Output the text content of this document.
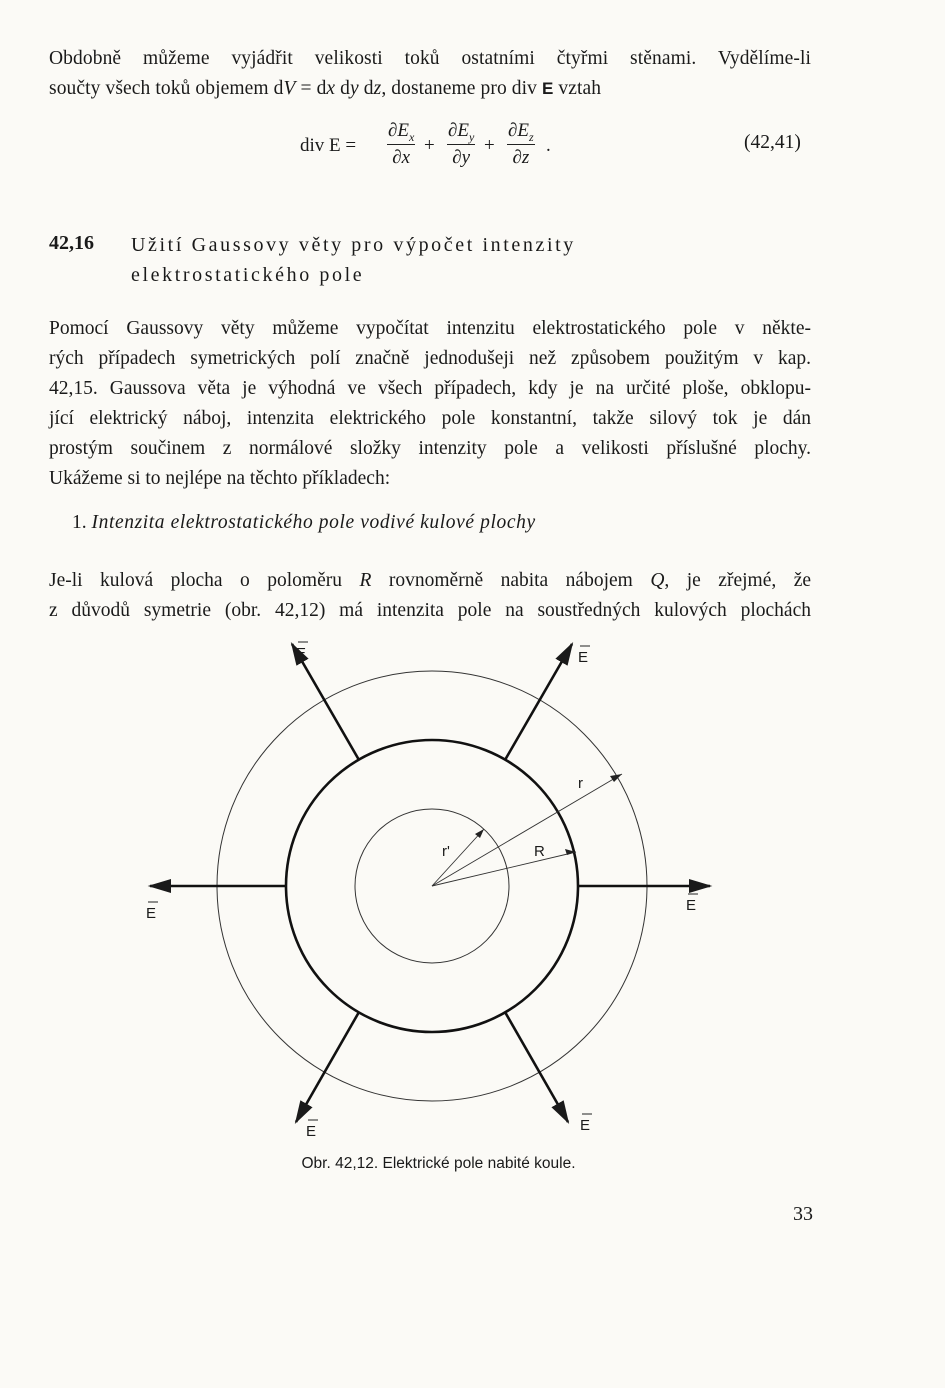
Obdobně můžeme vyjádřit velikosti toků ostatními čtyřmi stěnami. Vydělíme-li
součty všech toků objemem dV = dx dy dz, dostaneme pro div E vztah
div E =
$\partial E_x$
∂x
+
$\partial E_y$
∂y
+
$\partial E_z$
∂z
.	(42,41)
42,16 Užití Gaussovy věty pro výpočet intenzity
elektrostatického pole
Pomocí Gaussovy věty můžeme vypočítat intenzitu elektrostatického pole v někte-
rých případech symetrických polí značně jednodušeji než způsobem použitým v kap.
42,15. Gaussova věta je výhodná ve všech případech, kdy je na určité ploše, obklopu-
jící elektrický náboj, intenzita elektrického pole konstantní, takže silový tok je dán
prostým součinem z normálové složky intenzity pole a velikosti příslušné plochy.
Ukážeme si to nejlépe na těchto příkladech:
1. Intenzita elektrostatického pole vodivé kulové plochy
Je-li kulová plocha o poloměru R rovnoměrně nabita nábojem Q, je zřejmé, že
z důvodů symetrie (obr. 42,12) má intenzita pole na soustředných kulových plochách
E	E
E
E
E	E
r
r'	R
Obr. 42,12. Elektrické pole nabité koule.
33
